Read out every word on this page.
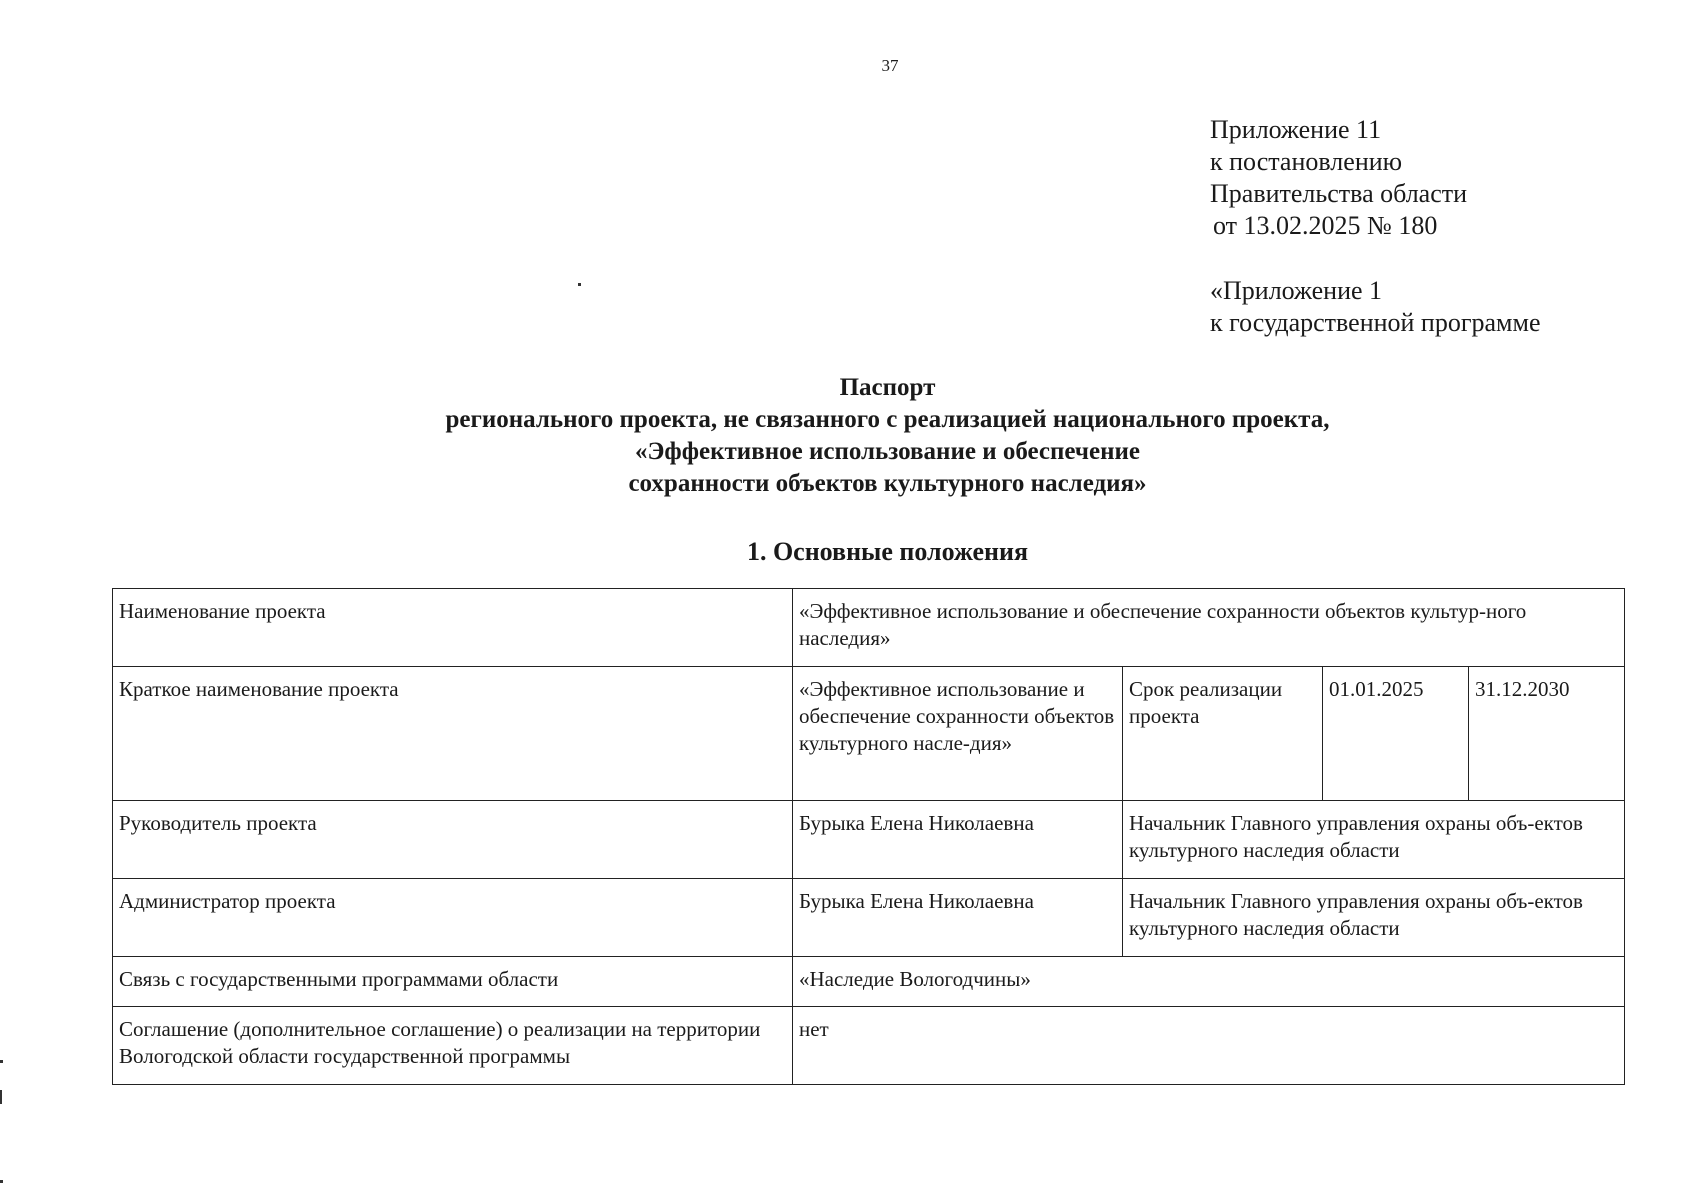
37
Приложение 11
к постановлению
Правительства области
от 13.02.2025 № 180
«Приложение 1
к государственной программе
Паспорт
регионального проекта, не связанного с реализацией национального проекта,
«Эффективное использование и обеспечение
сохранности объектов культурного наследия»
1. Основные положения
Наименование проекта	«Эффективное использование и обеспечение сохранности объектов культур-ного наследия»			
Краткое наименование проекта	«Эффективное использование и обеспечение сохранности объектов культурного насле-дия»	Срок реализации проекта	01.01.2025	31.12.2030
Руководитель проекта	Бурыка Елена Николаевна	Начальник Главного управления охраны объ-ектов культурного наследия области		
Администратор проекта	Бурыка Елена Николаевна	Начальник Главного управления охраны объ-ектов культурного наследия области		
Связь с государственными программами области	«Наследие Вологодчины»			
Соглашение (дополнительное соглашение) о реализации на территории Вологодской области государственной программы	нет			
